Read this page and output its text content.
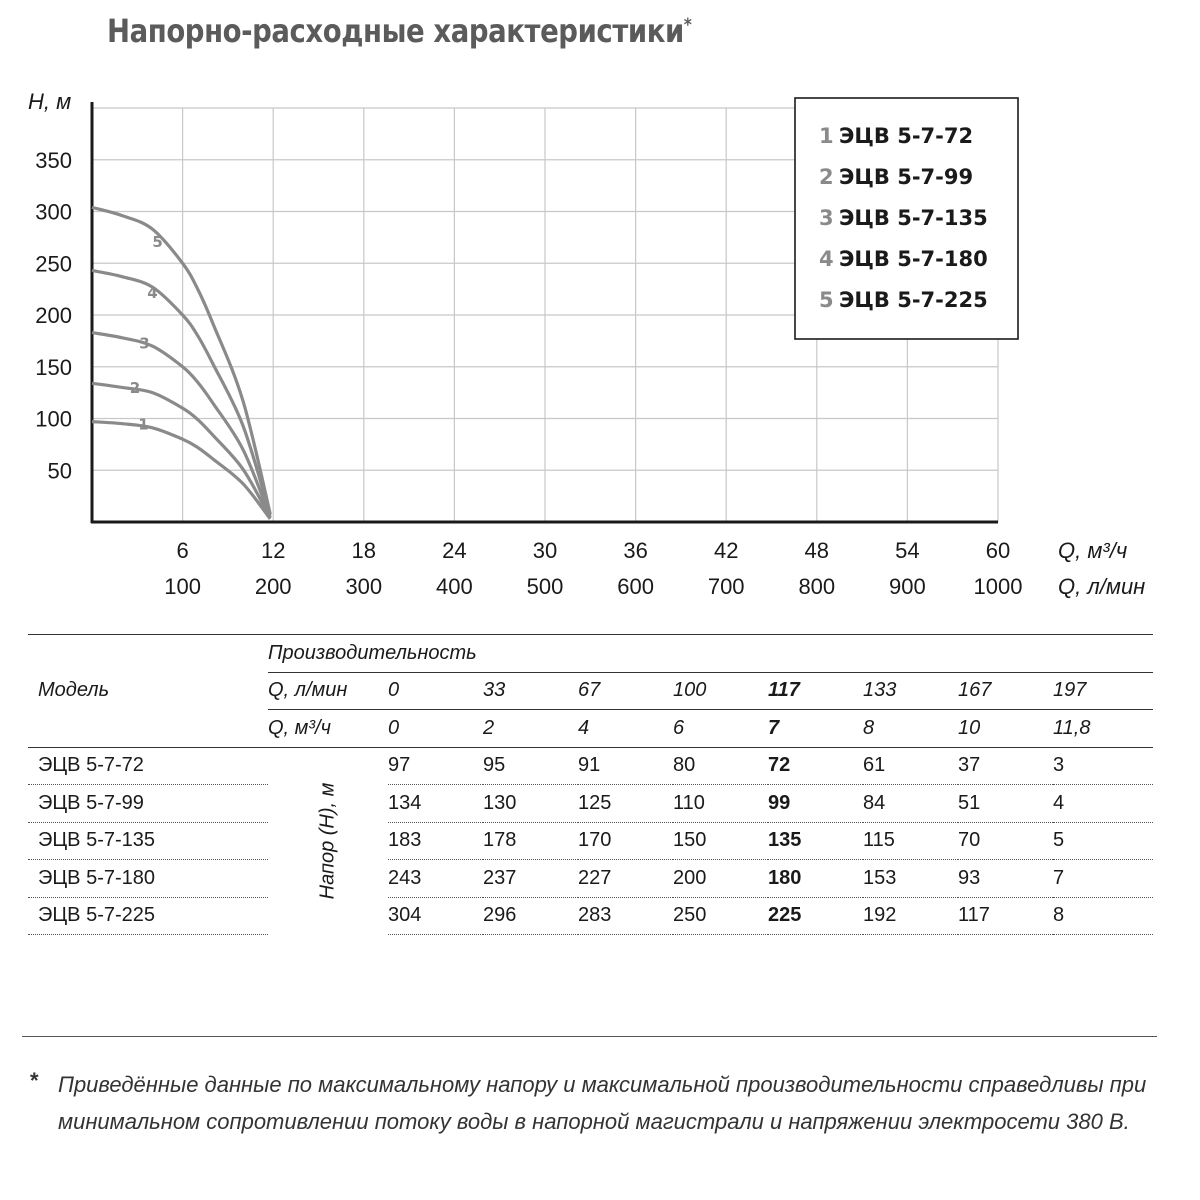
Напорно-расходные характеристики*
1
2
3
4
5
50
100
150
200
250
300
350
Н, м
6	12	18	24	30	36	42	48	54	60
100 200 300 400 500 600 700 800 900 1000
Q, м³/ч
Q, л/мин
1 ЭЦВ 5-7-72
2 ЭЦВ 5-7-99
3 ЭЦВ 5-7-135
4 ЭЦВ 5-7-180
5 ЭЦВ 5-7-225
Модель	Производительность								
	Q, л/мин	0	33	67	100	117	133	167	197
	Q, м³/ч	0	2	4	6	7	8	10	11,8
ЭЦВ 5-7-72	Напор (Н), м	97	95	91	80	72	61	37	3
ЭЦВ 5-7-99		134	130	125	110	99	84	51	4
ЭЦВ 5-7-135		183	178	170	150	135	115	70	5
ЭЦВ 5-7-180		243	237	227	200	180	153	93	7
ЭЦВ 5-7-225		304	296	283	250	225	192	117	8
* Приведённые данные по максимальному напору и максимальной производительности справедливы при минимальном сопротивлении потоку воды в напорной магистрали и напряжении электросети 380 В.
